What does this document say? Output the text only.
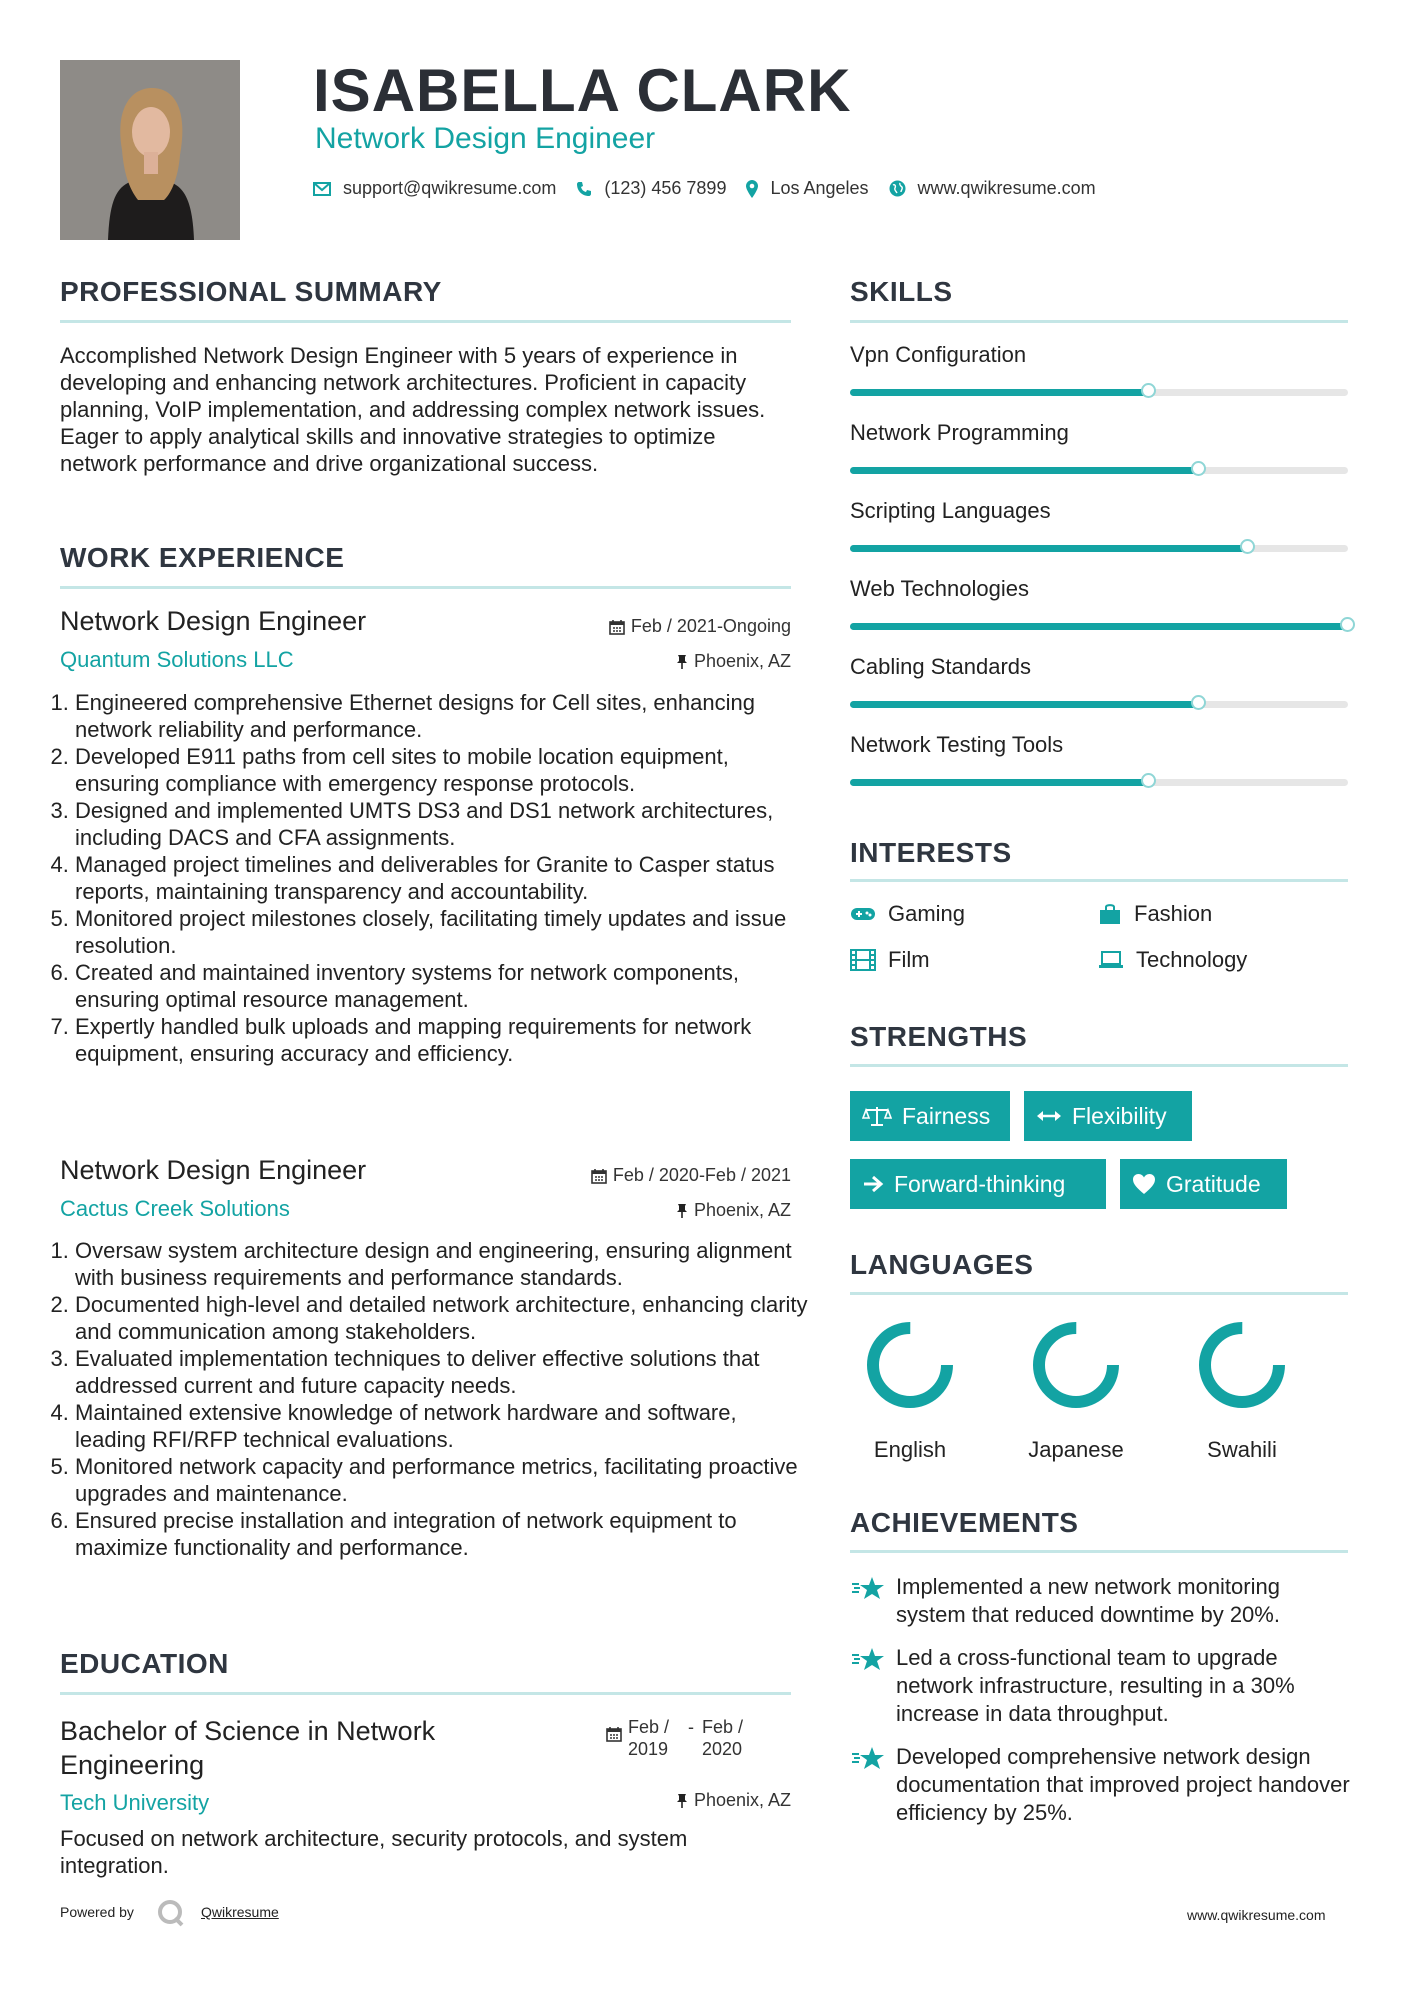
ISABELLA CLARK
Network Design Engineer
support@qwikresume.com	(123) 456 7899 Los Angeles	www.qwikresume.com
PROFESSIONAL SUMMARY
Accomplished Network Design Engineer with 5 years of experience in developing and enhancing network architectures. Proficient in capacity planning, VoIP implementation, and addressing complex network issues. Eager to apply analytical skills and innovative strategies to optimize network performance and drive organizational success.
WORK EXPERIENCE
Network Design Engineer	Feb / 2021-Ongoing
Quantum Solutions LLC	Phoenix, AZ
1. Engineered comprehensive Ethernet designs for Cell sites, enhancing network reliability and performance.
2. Developed E911 paths from cell sites to mobile location equipment, ensuring compliance with emergency response protocols.
3. Designed and implemented UMTS DS3 and DS1 network architectures, including DACS and CFA assignments.
4. Managed project timelines and deliverables for Granite to Casper status reports, maintaining transparency and accountability.
5. Monitored project milestones closely, facilitating timely updates and issue resolution.
6. Created and maintained inventory systems for network components, ensuring optimal resource management.
7. Expertly handled bulk uploads and mapping requirements for network equipment, ensuring accuracy and efficiency.
Network Design Engineer	Feb / 2020-Feb / 2021
Cactus Creek Solutions	Phoenix, AZ
1. Oversaw system architecture design and engineering, ensuring alignment with business requirements and performance standards.
2. Documented high-level and detailed network architecture, enhancing clarity and communication among stakeholders.
3. Evaluated implementation techniques to deliver effective solutions that addressed current and future capacity needs.
4. Maintained extensive knowledge of network hardware and software, leading RFI/RFP technical evaluations.
5. Monitored network capacity and performance metrics, facilitating proactive upgrades and maintenance.
6. Ensured precise installation and integration of network equipment to maximize functionality and performance.
EDUCATION
Bachelor of Science in Network Engineering
Feb / 2019
- Feb / 2020
Tech University	Phoenix, AZ
Focused on network architecture, security protocols, and system integration.
Powered by	Qwikresume	www.qwikresume.com
SKILLS
Vpn Configuration
Network Programming
Scripting Languages
Web Technologies
Cabling Standards
Network Testing Tools
INTERESTS
Gaming	Fashion
Film	Technology
STRENGTHS
Fairness	Flexibility
Forward-thinking	Gratitude
LANGUAGES
English	Japanese	Swahili
ACHIEVEMENTS
Implemented a new network monitoring system that reduced downtime by 20%.
Led a cross-functional team to upgrade network infrastructure, resulting in a 30% increase in data throughput.
Developed comprehensive network design documentation that improved project handover efficiency by 25%.
